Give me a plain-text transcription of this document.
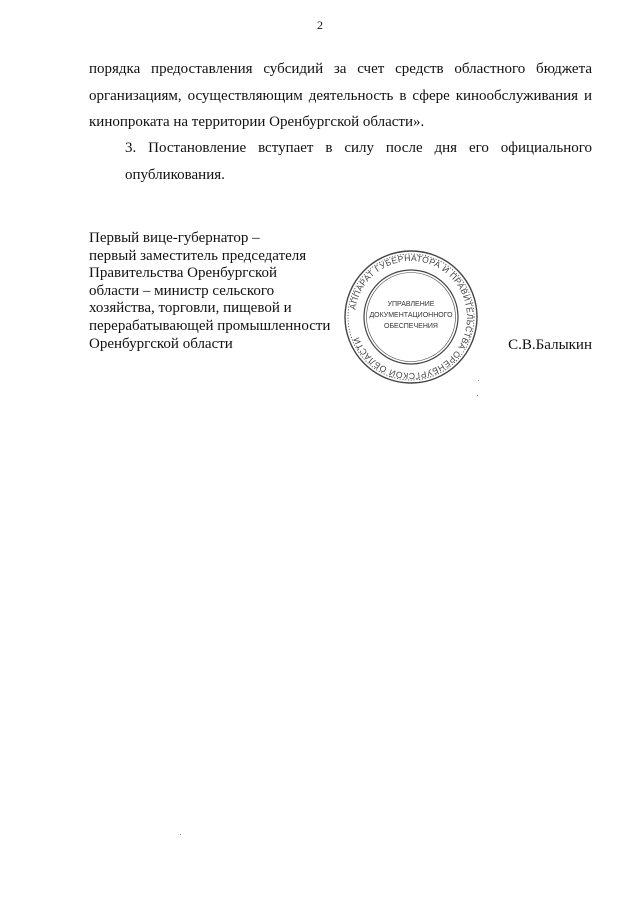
2
порядка предоставления субсидий за счет средств областного бюджета
организациям, осуществляющим деятельность в сфере кинообслуживания и
кинопроката на территории Оренбургской области».
3. Постановление вступает в силу после дня его официального
опубликования.
Первый вице-губернатор –
первый заместитель председателя
Правительства Оренбургской
области – министр сельского
хозяйства, торговли, пищевой и
перерабатывающей промышленности
Оренбургской области	С.В.Балыкин
АППАРАТ ГУБЕРНАТОРА И ПРАВИТЕЛЬСТВА ОРЕНБУРГСКОЙ ОБЛАСТИ
УПРАВЛЕНИЕ
ДОКУМЕНТАЦИОННОГО
ОБЕСПЕЧЕНИЯ
